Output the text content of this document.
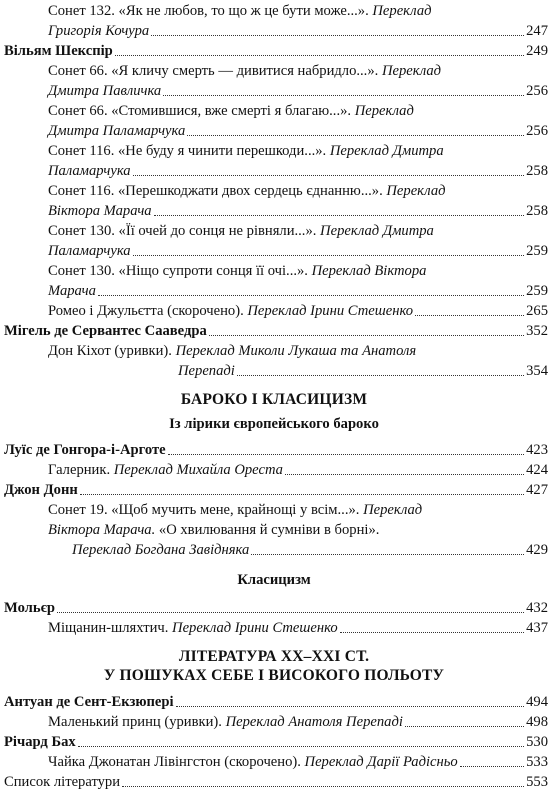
Сонет 132. «Як не любов, то що ж це бути може...». Переклад
Григорія Кочура	247
Вільям Шекспір	249
Сонет 66. «Я кличу смерть — дивитися набридло...». Переклад
Дмитра Павличка	256
Сонет 66. «Стомившися, вже смерті я благаю...». Переклад
Дмитра Паламарчука	256
Сонет 116. «Не буду я чинити перешкоди...». Переклад Дмитра
Паламарчука	258
Сонет 116. «Перешкоджати двох сердець єднанню...». Переклад
Віктора Марача	258
Сонет 130. «Її очей до сонця не рівняли...». Переклад Дмитра
Паламарчука	259
Сонет 130. «Ніщо супроти сонця її очі...». Переклад Віктора
Марача	259
Ромео і Джульєтта (скорочено). Переклад Ірини Стешенко	265
Мігель де Сервантес Сааведра	352
Дон Кіхот (уривки). Переклад Миколи Лукаша та Анатоля
Перепаді	354
БАРОКО І КЛАСИЦИЗМ
Із лірики європейського бароко
Луїс де Гонгора-і-Арготе	423
Галерник. Переклад Михайла Ореста	424
Джон Донн	427
Сонет 19. «Щоб мучить мене, крайнощі у всім...». Переклад
Віктора Марача. «О хвилювання й сумніви в борні».
Переклад Богдана Завідняка	429
Класицизм
Мольєр	432
Міщанин-шляхтич. Переклад Ірини Стешенко	437
ЛІТЕРАТУРА XX–XXI СТ.
У ПОШУКАХ СЕБЕ І ВИСОКОГО ПОЛЬОТУ
Антуан де Сент-Екзюпері	494
Маленький принц (уривки). Переклад Анатоля Перепаді	498
Річард Бах	530
Чайка Джонатан Лівінгстон (скорочено). Переклад Дарії Радісньо	533
Список літератури	553
